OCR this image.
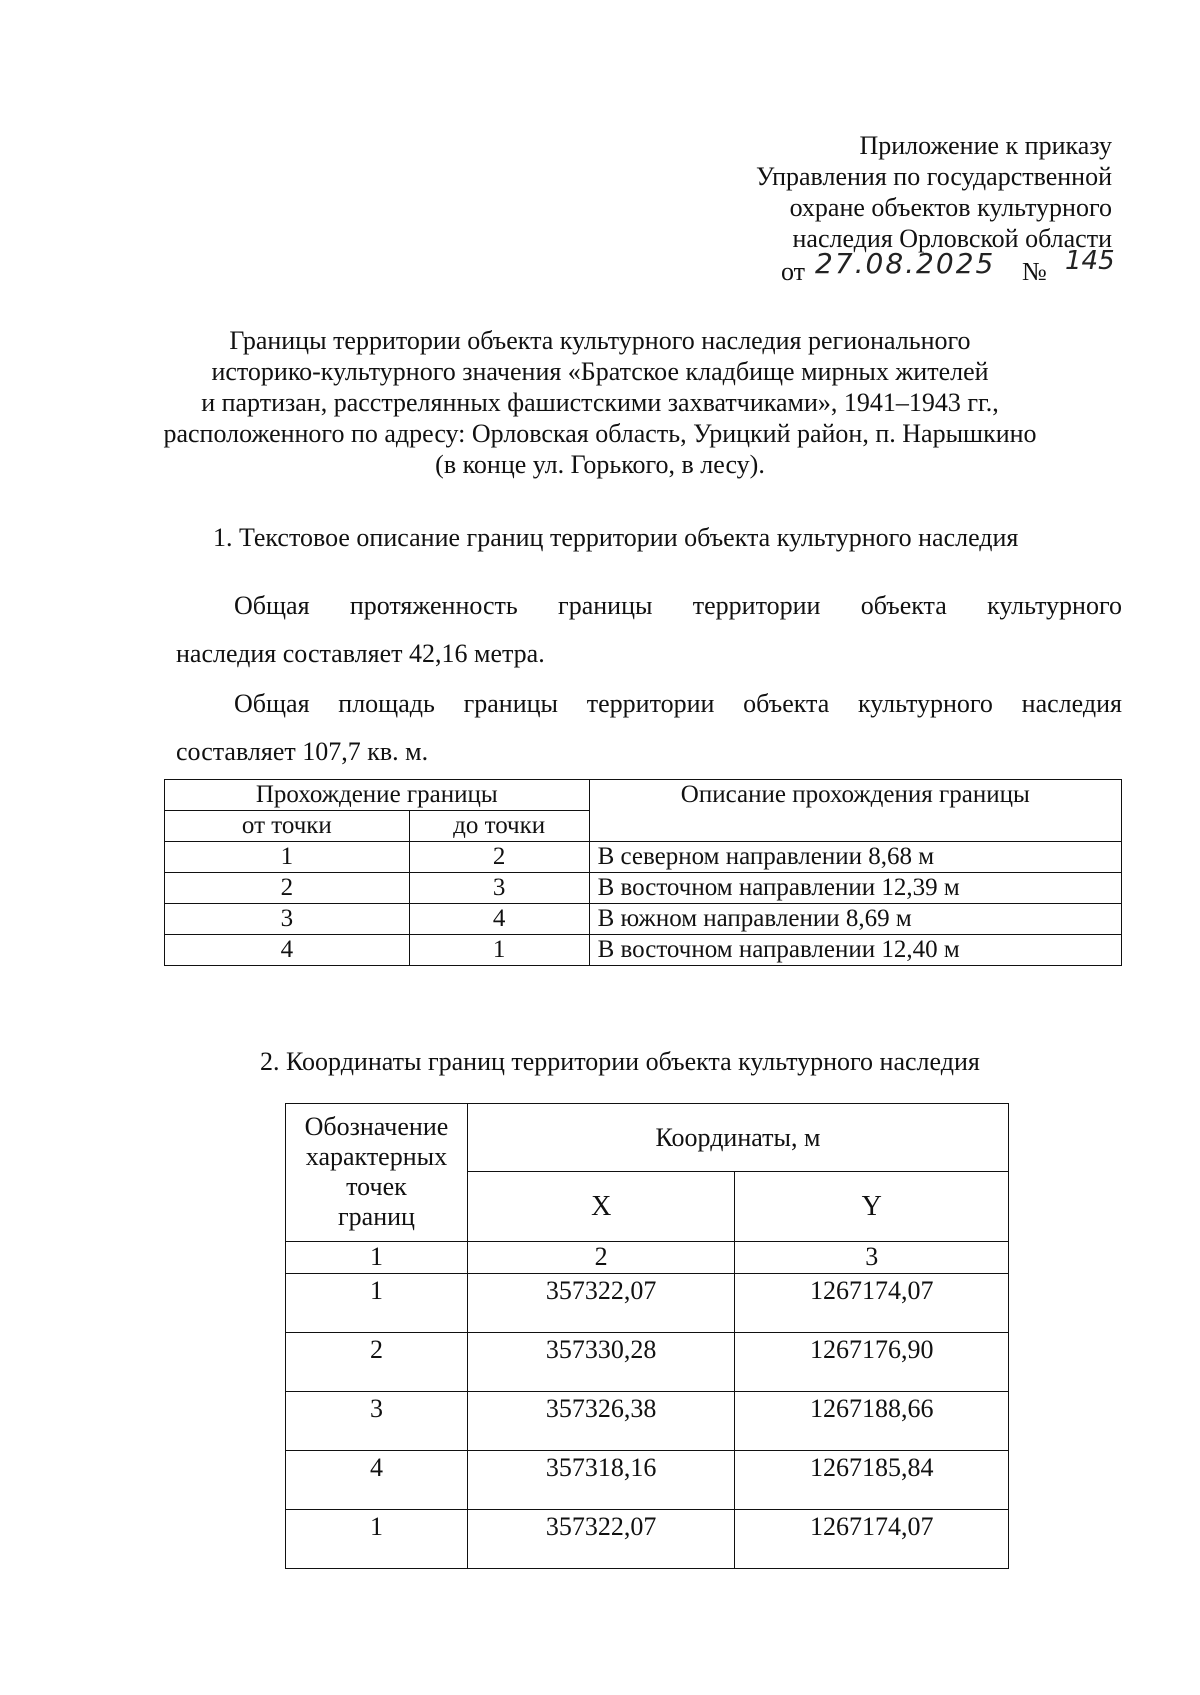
Приложение к приказу
Управления по государственной
охране объектов культурного
наследия Орловской области
от 27.08.2025 № 145
Границы территории объекта культурного наследия регионального
историко-культурного значения «Братское кладбище мирных жителей
и партизан, расстрелянных фашистскими захватчиками», 1941–1943 гг.,
расположенного по адресу: Орловская область, Урицкий район, п. Нарышкино
(в конце ул. Горького, в лесу).
1. Текстовое описание границ территории объекта культурного наследия
Общая протяженность границы территории объекта культурного
наследия составляет 42,16 метра.
Общая площадь границы территории объекта культурного наследия
составляет 107,7 кв. м.
Прохождение границы		Описание прохождения границы
от точки	до точки	
1	2	В северном направлении 8,68 м
2	3	В восточном направлении 12,39 м
3	4	В южном направлении 8,69 м
4	1	В восточном направлении 12,40 м
2. Координаты границ территории объекта культурного наследия
Обозначение
характерных
точек
границ	Координаты, м	
	X	Y
1	2	3
1	357322,07	1267174,07
2	357330,28	1267176,90
3	357326,38	1267188,66
4	357318,16	1267185,84
1	357322,07	1267174,07
